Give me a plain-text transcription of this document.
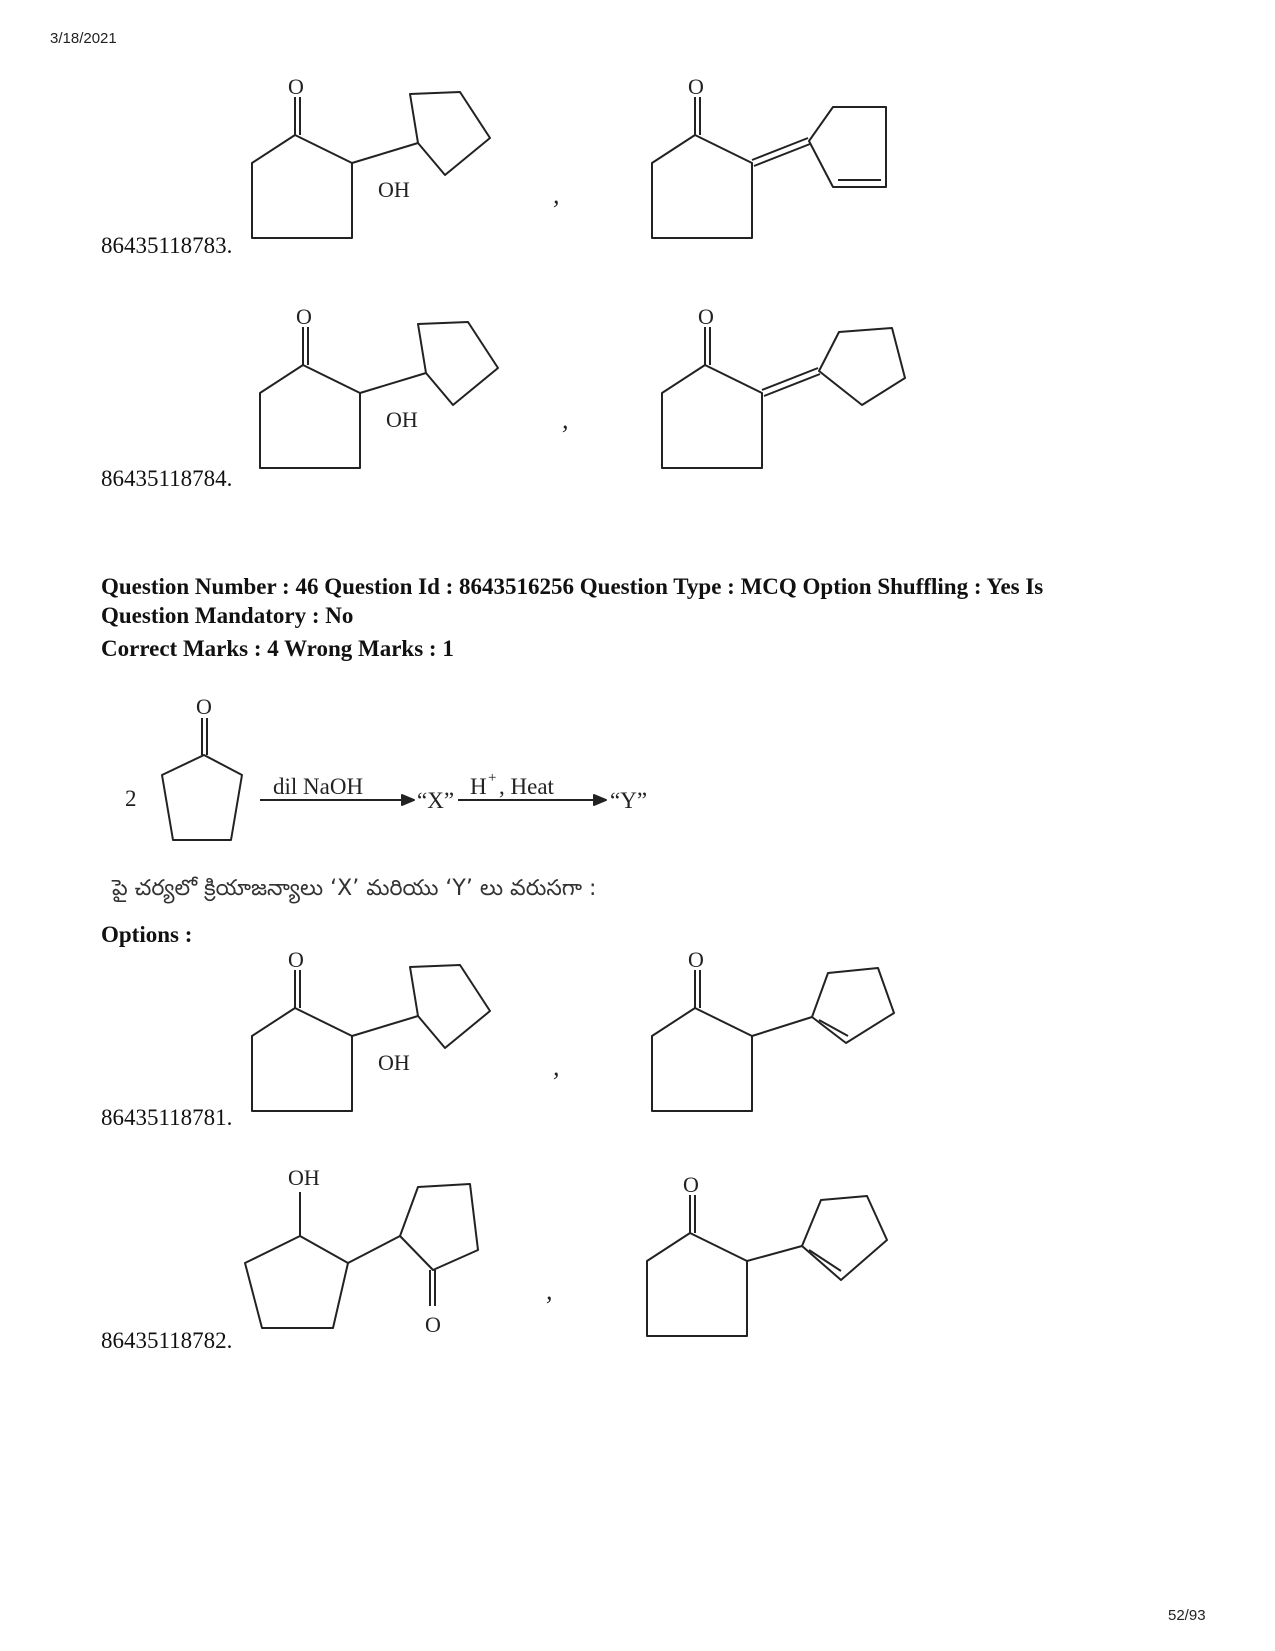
3/18/2021
O
OH	,
O
86435118783.
O
OH	,
O
86435118784.
Question Number : 46 Question Id : 8643516256 Question Type : MCQ Option Shuffling : Yes Is
Question Mandatory : No
Correct Marks : 4 Wrong Marks : 1
2
O
dil NaOH
“X”
H + , Heat
“Y”
పై చర్యలో క్రియాజన్యాలు ‘X’ మరియు ‘Y’ లు వరుసగా :
Options :
O
OH	,
O
86435118781.
OH
O
,
O
86435118782.
52/93
